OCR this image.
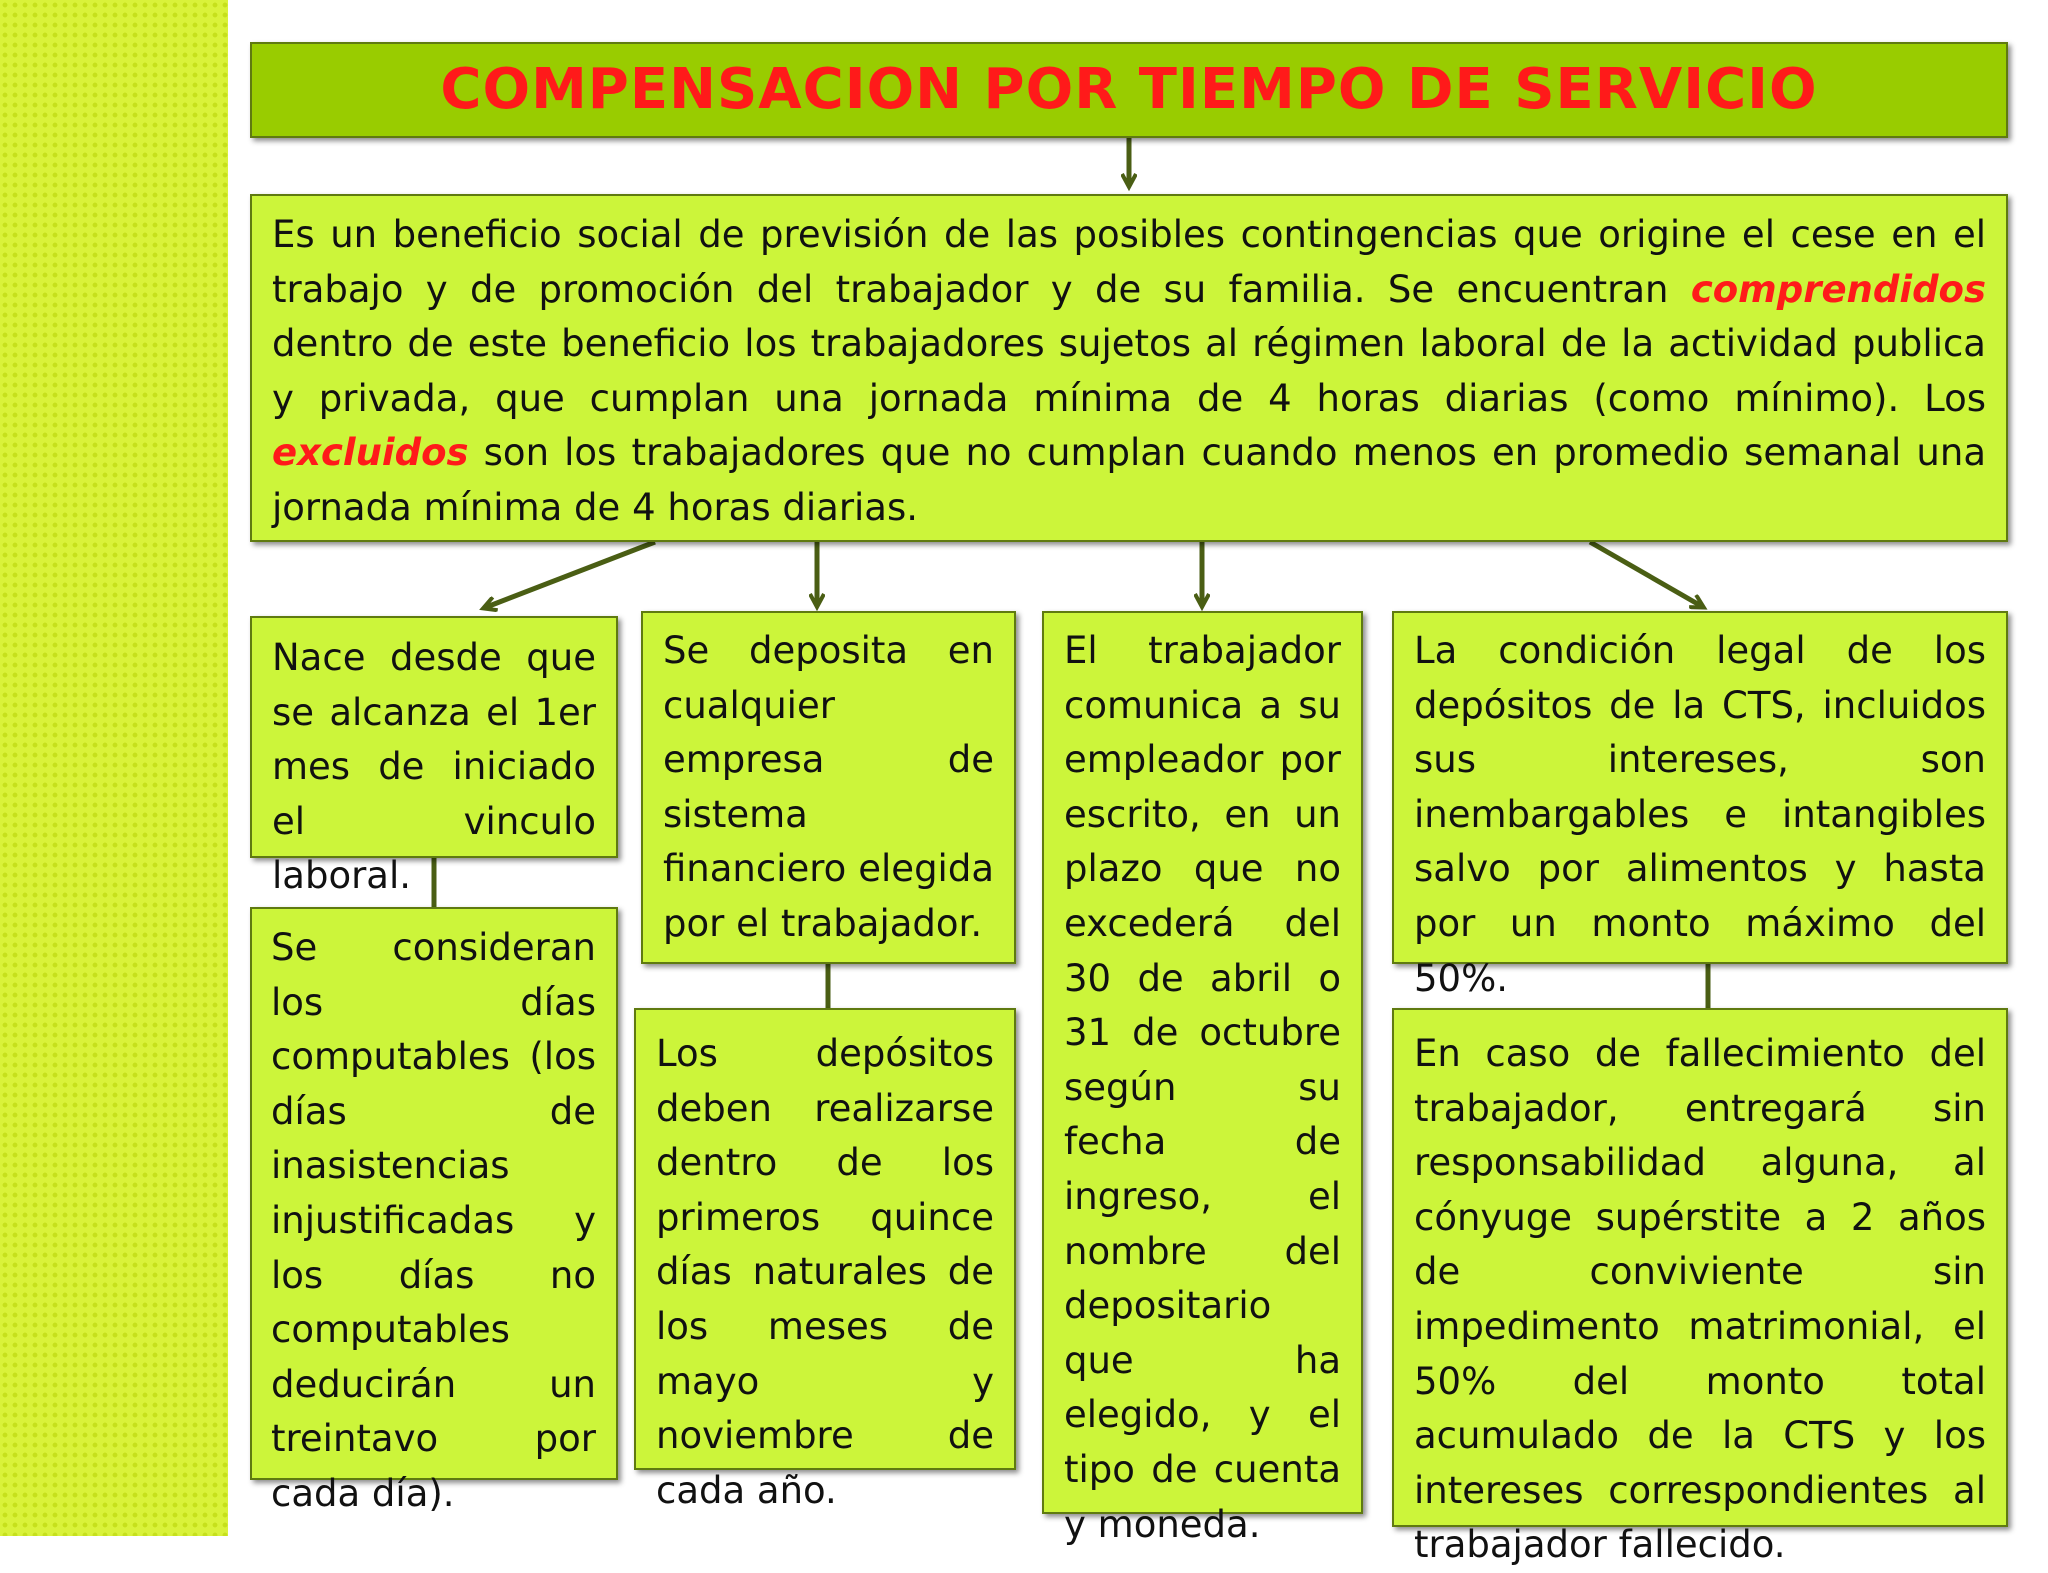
COMPENSACION POR TIEMPO DE SERVICIO
Es un beneficio social de previsión de las posibles contingencias que origine el cese en el trabajo y de promoción del trabajador y de su familia. Se encuentran comprendidos dentro de este beneficio los trabajadores sujetos al régimen laboral de la actividad publica y privada, que cumplan una jornada mínima de 4 horas diarias (como mínimo). Los excluidos son los trabajadores que no cumplan cuando menos en promedio semanal una jornada mínima de 4 horas diarias.
Nace desde que se alcanza el 1er mes de iniciado el vinculo laboral.
Se consideran los días computables (los días de inasistencias injustificadas y los días no computables deducirán un treintavo por cada día).
Se deposita en cualquier empresa de sistema financiero elegida por el trabajador.
Los depósitos deben realizarse dentro de los primeros quince días naturales de los meses de mayo y noviembre de cada año.
El trabajador comunica a su empleador por escrito, en un plazo que no excederá del 30 de abril o 31 de octubre según su fecha de ingreso, el nombre del depositario que ha elegido, y el tipo de cuenta y moneda.
La condición legal de los depósitos de la CTS, incluidos sus intereses, son inembargables e intangibles salvo por alimentos y hasta por un monto máximo del 50%.
En caso de fallecimiento del trabajador, entregará sin responsabilidad alguna, al cónyuge supérstite a 2 años de conviviente sin impedimento matrimonial, el 50% del monto total acumulado de la CTS y los intereses correspondientes al trabajador fallecido.
